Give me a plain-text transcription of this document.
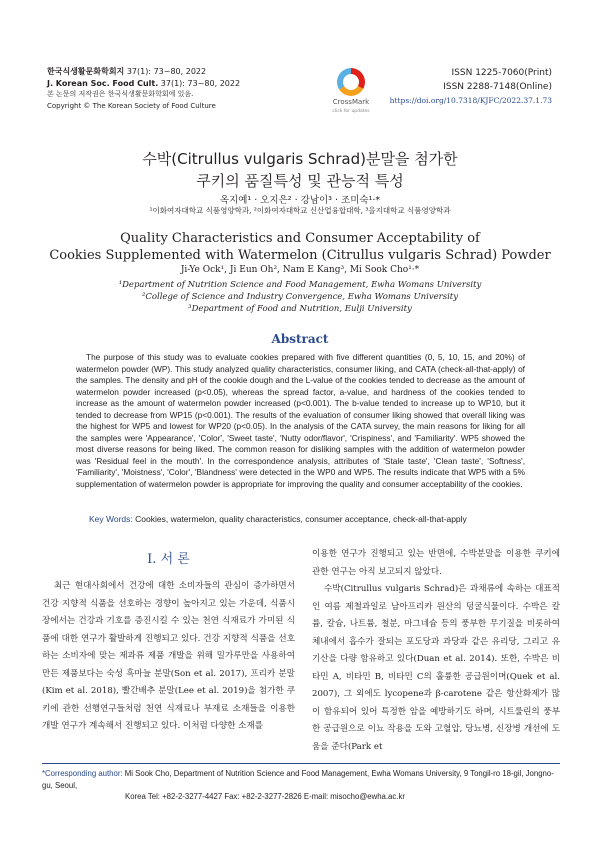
한국식생활문화학회지 37(1): 73~80, 2022
J. Korean Soc. Food Cult. 37(1): 73~80, 2022
본 논문의 저작권은 한국식생활문화학회에 있음.
Copyright © The Korean Society of Food Culture	CrossMark
click for updates
ISSN 1225-7060(Print)
ISSN 2288-7148(Online)
https://doi.org/10.7318/KJFC/2022.37.1.73
수박(Citrullus vulgaris Schrad)분말을 첨가한
쿠키의 품질특성 및 관능적 특성
옥지예¹ · 오지은² · 강남이³ · 조미숙¹·*
¹이화여자대학교 식품영양학과, ²이화여자대학교 신산업융합대학, ³을지대학교 식품영양학과
Quality Characteristics and Consumer Acceptability of
Cookies Supplemented with Watermelon (Citrullus vulgaris Schrad) Powder
Ji-Ye Ock¹, Ji Eun Oh², Nam E Kang³, Mi Sook Cho¹·*
¹Department of Nutrition Science and Food Management, Ewha Womans University
²College of Science and Industry Convergence, Ewha Womans University
³Department of Food and Nutrition, Eulji University
Abstract
The purpose of this study was to evaluate cookies prepared with five different quantities (0, 5, 10, 15, and 20%) of watermelon powder (WP). This study analyzed quality characteristics, consumer liking, and CATA (check-all-that-apply) of the samples. The density and pH of the cookie dough and the L-value of the cookies tended to decrease as the amount of watermelon powder increased (p<0.05), whereas the spread factor, a-value, and hardness of the cookies tended to increase as the amount of watermelon powder increased (p<0.001). The b-value tended to increase up to WP10, but it tended to decrease from WP15 (p<0.001). The results of the evaluation of consumer liking showed that overall liking was the highest for WP5 and lowest for WP20 (p<0.05). In the analysis of the CATA survey, the main reasons for liking for all the samples were 'Appearance', 'Color', 'Sweet taste', 'Nutty odor/flavor', 'Crispiness', and 'Familiarity'. WP5 showed the most diverse reasons for being liked. The common reason for disliking samples with the addition of watermelon powder was 'Residual feel in the mouth'. In the correspondence analysis, attributes of 'Stale taste', 'Clean taste', 'Softness', 'Familiarity', 'Moistness', 'Color', 'Blandness' were detected in the WP0 and WP5. The results indicate that WP5 with a 5% supplementation of watermelon powder is appropriate for improving the quality and consumer acceptability of the cookies.
Key Words: Cookies, watermelon, quality characteristics, consumer acceptance, check-all-that-apply
I. 서 론
최근 현대사회에서 건강에 대한 소비자들의 관심이 증가하면서 건강 지향적 식품을 선호하는 경향이 높아지고 있는 가운데, 식품시장에서는 건강과 기호를 증진시킬 수 있는 천연 식재료가 가미된 식품에 대한 연구가 활발하게 진행되고 있다. 건강 지향적 식품을 선호하는 소비자에 맞는 제과류 제품 개발을 위해 밀가루만을 사용하여 만든 제품보다는 숙성 흑마늘 분말(Son et al. 2017), 프리카 분말(Kim et al. 2018), 빨간배추 분말(Lee et al. 2019)을 첨가한 쿠키에 관한 선행연구들처럼 천연 식재료나 부재료 소재들을 이용한 개발 연구가 계속해서 진행되고 있다. 이처럼 다양한 소재를
이용한 연구가 진행되고 있는 반면에, 수박분말을 이용한 쿠키에 관한 연구는 아직 보고되지 않았다.
수박(Citrullus vulgaris Schrad)은 과채류에 속하는 대표적인 여름 제철과일로 남아프리카 원산의 덩굴식물이다. 수박은 칼륨, 칼슘, 나트륨, 철분, 마그네슘 등의 풍부한 무기질을 비롯하여 체내에서 흡수가 잘되는 포도당과 과당과 같은 유리당, 그리고 유기산을 다량 함유하고 있다(Duan et al. 2014). 또한, 수박은 비타민 A, 비타민 B, 비타민 C의 훌륭한 공급원이며(Quek et al. 2007), 그 외에도 lycopene과 β-carotene 같은 항산화제가 많이 함유되어 있어 특정한 암을 예방하기도 하며, 시트룰린의 풍부한 공급원으로 이뇨 작용을 도와 고혈압, 당뇨병, 신장병 개선에 도움을 준다(Park et
*Corresponding author: Mi Sook Cho, Department of Nutrition Science and Food Management, Ewha Womans University, 9 Tongil-ro 18-gil, Jongno-gu, Seoul,
Korea Tel: +82-2-3277-4427 Fax: +82-2-3277-2826 E-mail: misocho@ewha.ac.kr
